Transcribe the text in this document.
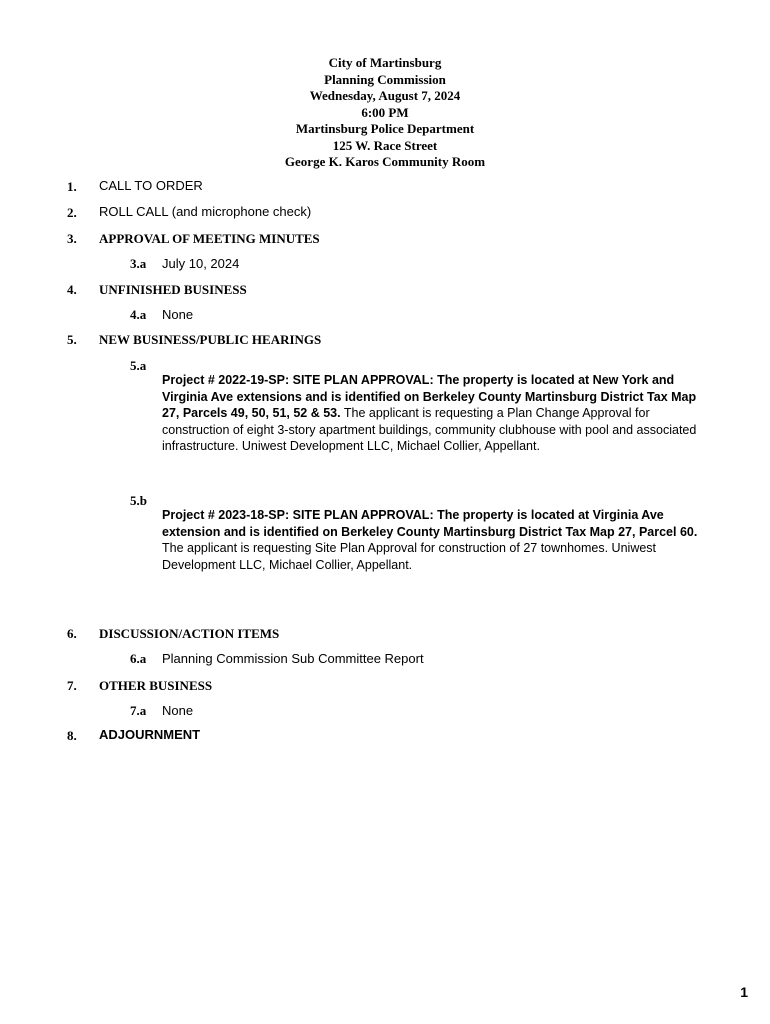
City of Martinsburg
Planning Commission
Wednesday, August 7, 2024
6:00 PM
Martinsburg Police Department
125 W. Race Street
George K. Karos Community Room
1. CALL TO ORDER
2. ROLL CALL (and microphone check)
3. APPROVAL OF MEETING MINUTES
3.a July 10, 2024
4. UNFINISHED BUSINESS
4.a None
5. NEW BUSINESS/PUBLIC HEARINGS
5.a
Project # 2022-19-SP: SITE PLAN APPROVAL: The property is located at New York and Virginia Ave extensions and is identified on Berkeley County Martinsburg District Tax Map 27, Parcels 49, 50, 51, 52 & 53. The applicant is requesting a Plan Change Approval for construction of eight 3-story apartment buildings, community clubhouse with pool and associated infrastructure. Uniwest Development LLC, Michael Collier, Appellant.
5.b
Project # 2023-18-SP: SITE PLAN APPROVAL: The property is located at Virginia Ave extension and is identified on Berkeley County Martinsburg District Tax Map 27, Parcel 60. The applicant is requesting Site Plan Approval for construction of 27 townhomes. Uniwest Development LLC, Michael Collier, Appellant.
6. DISCUSSION/ACTION ITEMS
6.a Planning Commission Sub Committee Report
7. OTHER BUSINESS
7.a None
8. ADJOURNMENT
1
